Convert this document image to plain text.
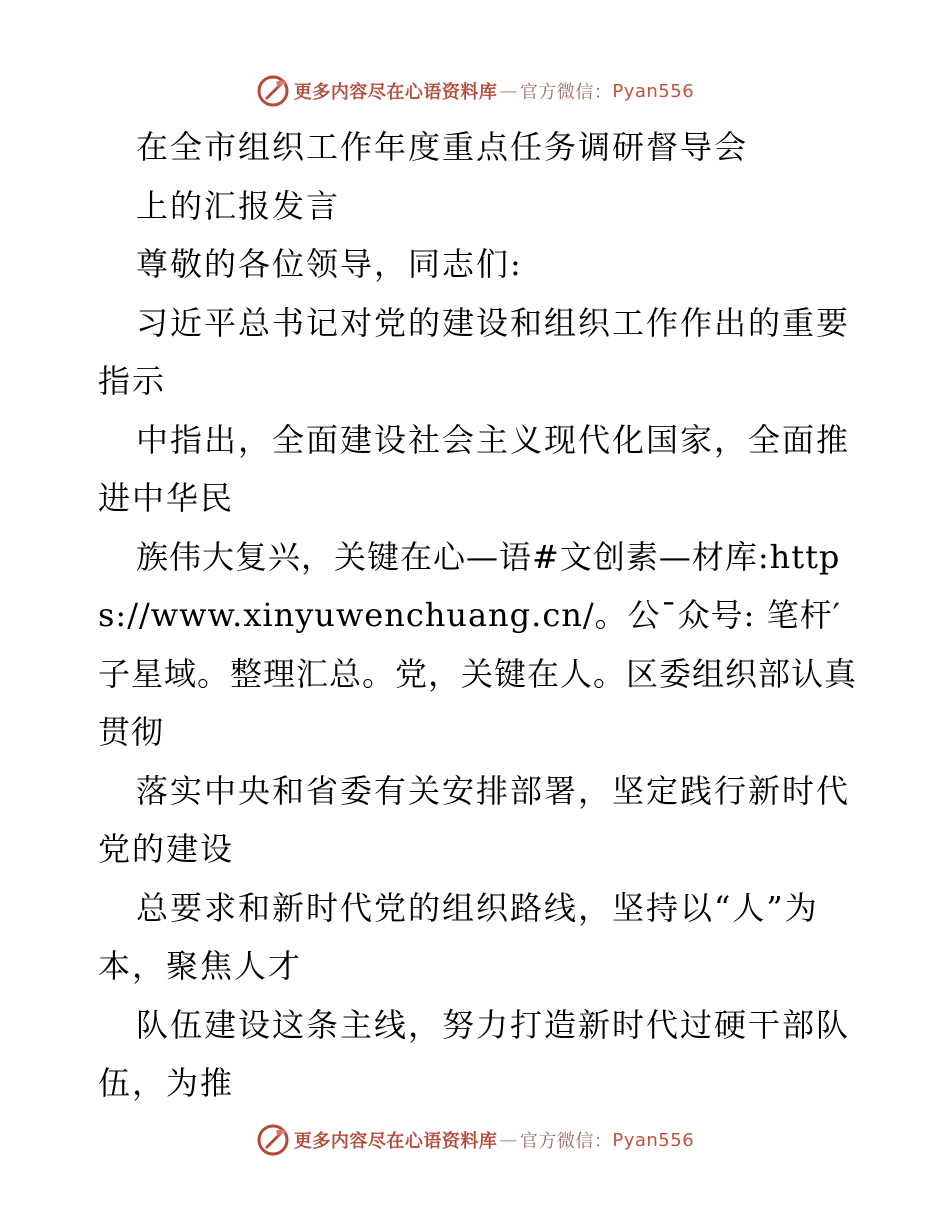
更多内容尽在心语资料库 — 官方微信： Pyan556

在全市组织工作年度重点任务调研督导会

上的汇报发言

尊敬的各位领导，同志们:

习近平总书记对党的建设和组织工作作出的重要指示

中指出，全面建设社会主义现代化国家，全面推进中华民

族伟大复兴，关键在心—语#文创素—材库:https://www.xinyuwenchuang.cn/。公¯众号: 笔杆′子星域。整理汇总。党，关键在人。区委组织部认真贯彻

落实中央和省委有关安排部署，坚定践行新时代党的建设

总要求和新时代党的组织路线，坚持以“人”为本，聚焦人才

队伍建设这条主线，努力打造新时代过硬干部队伍，为推

更多内容尽在心语资料库 — 官方微信： Pyan556
